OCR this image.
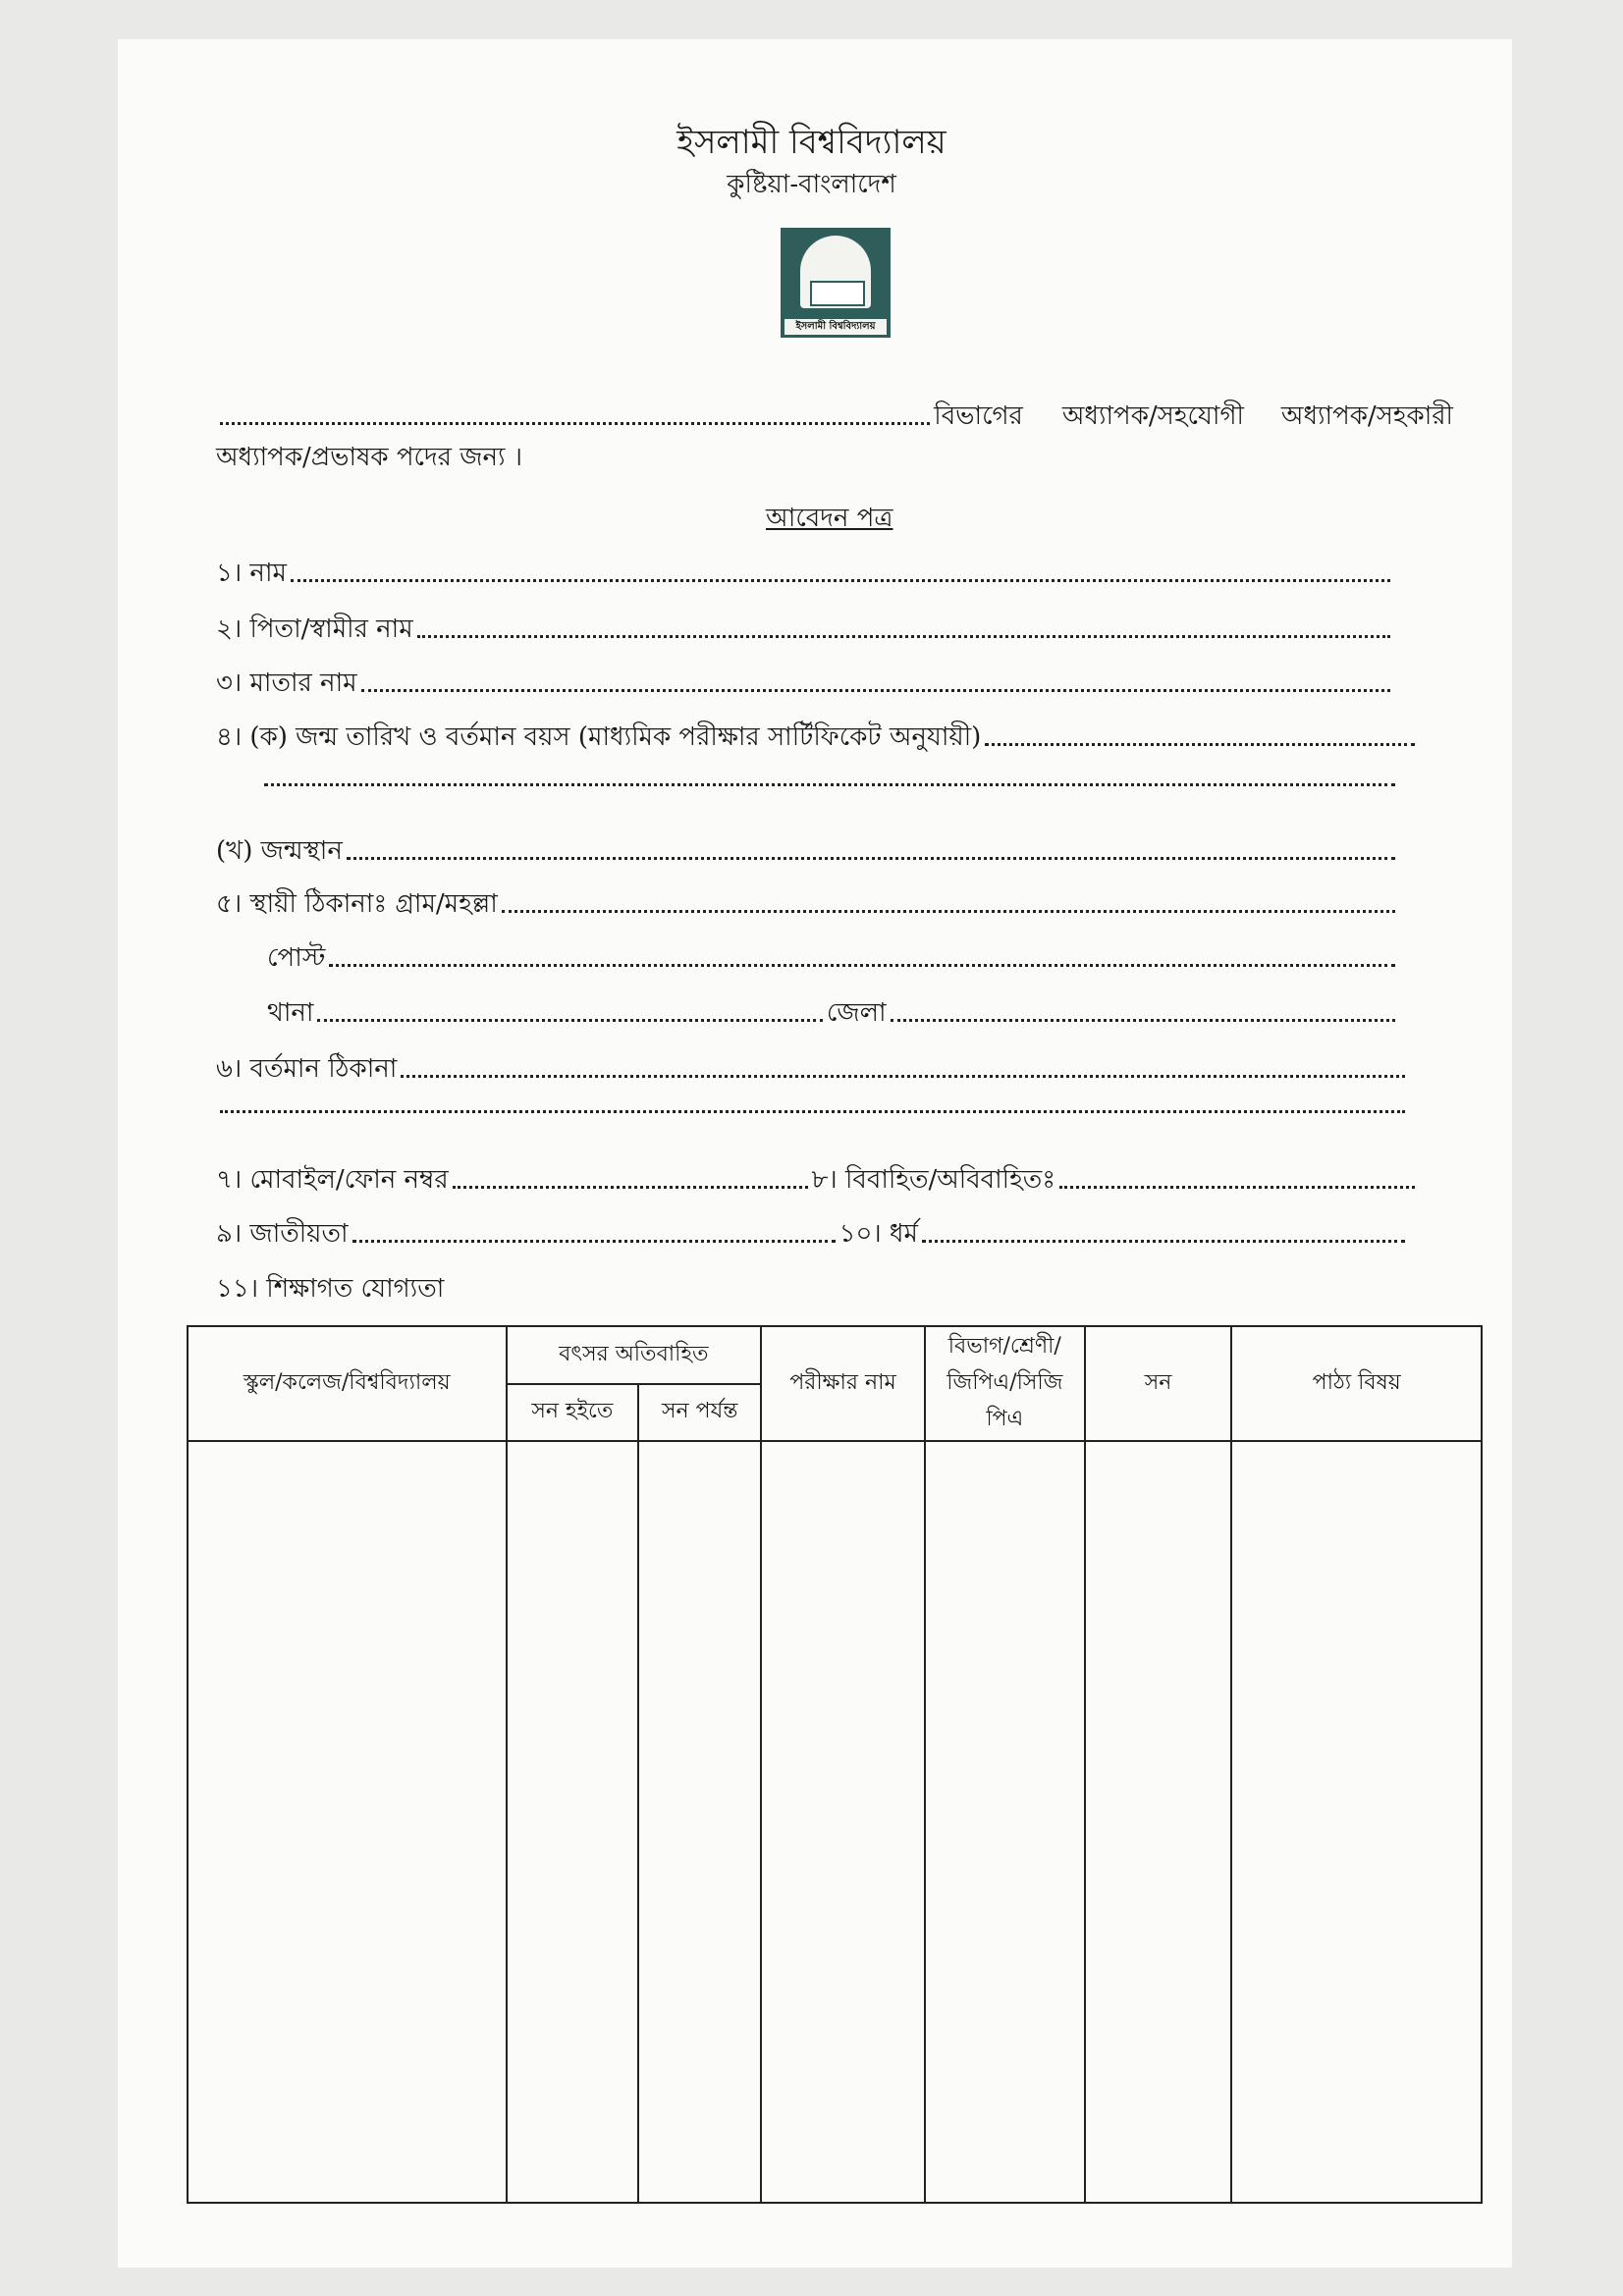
ইসলামী বিশ্ববিদ্যালয়
কুষ্টিয়া-বাংলাদেশ
ইসলামী বিশ্ববিদ্যালয়
বিভাগের অধ্যাপক/সহযোগী অধ্যাপক/সহকারী
অধ্যাপক/প্রভাষক পদের জন্য ।
আবেদন পত্র
১। নাম
২। পিতা/স্বামীর নাম
৩। মাতার নাম
৪। (ক) জন্ম তারিখ ও বর্তমান বয়স (মাধ্যমিক পরীক্ষার সার্টিফিকেট অনুযায়ী)
(খ) জন্মস্থান
৫। স্থায়ী ঠিকানাঃ গ্রাম/মহল্লা
পোস্ট
থানা	জেলা
৬। বর্তমান ঠিকানা
৭। মোবাইল/ফোন নম্বর	৮। বিবাহিত/অবিবাহিতঃ
৯। জাতীয়তা	১০। ধর্ম
১১। শিক্ষাগত যোগ্যতা
স্কুল/কলেজ/বিশ্ববিদ্যালয়	বৎসর অতিবাহিত		পরীক্ষার নাম	বিভাগ/শ্রেণী/ জিপিএ/সিজি পিএ	সন	পাঠ্য বিষয়
	সন হইতে	সন পর্যন্ত				
